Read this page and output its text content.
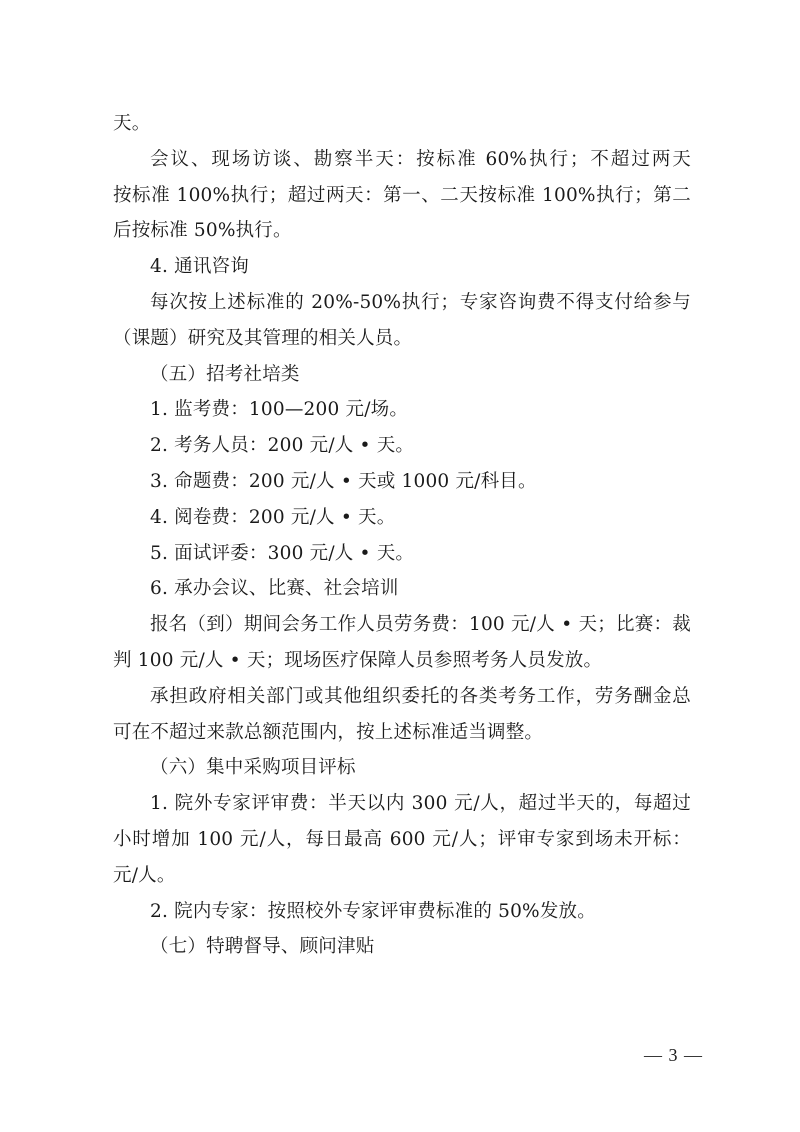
天。
会议、现场访谈、勘察半天：按标准 60%执行；不超过两天
按标准 100%执行；超过两天：第一、二天按标准 100%执行；第二
后按标准 50%执行。
4. 通讯咨询
每次按上述标准的 20%-50%执行；专家咨询费不得支付给参与
（课题）研究及其管理的相关人员。
（五）招考社培类
1. 监考费：100—200 元/场。
2. 考务人员：200 元/人 • 天。
3. 命题费：200 元/人 • 天或 1000 元/科目。
4. 阅卷费：200 元/人 • 天。
5. 面试评委：300 元/人 • 天。
6. 承办会议、比赛、社会培训
报名（到）期间会务工作人员劳务费：100 元/人 • 天；比赛：裁
判 100 元/人 • 天；现场医疗保障人员参照考务人员发放。
承担政府相关部门或其他组织委托的各类考务工作，劳务酬金总
可在不超过来款总额范围内，按上述标准适当调整。
（六）集中采购项目评标
1. 院外专家评审费：半天以内 300 元/人，超过半天的，每超过
小时增加 100 元/人，每日最高 600 元/人；评审专家到场未开标：
元/人。
2. 院内专家：按照校外专家评审费标准的 50%发放。
（七）特聘督导、顾问津贴
— 3 —
